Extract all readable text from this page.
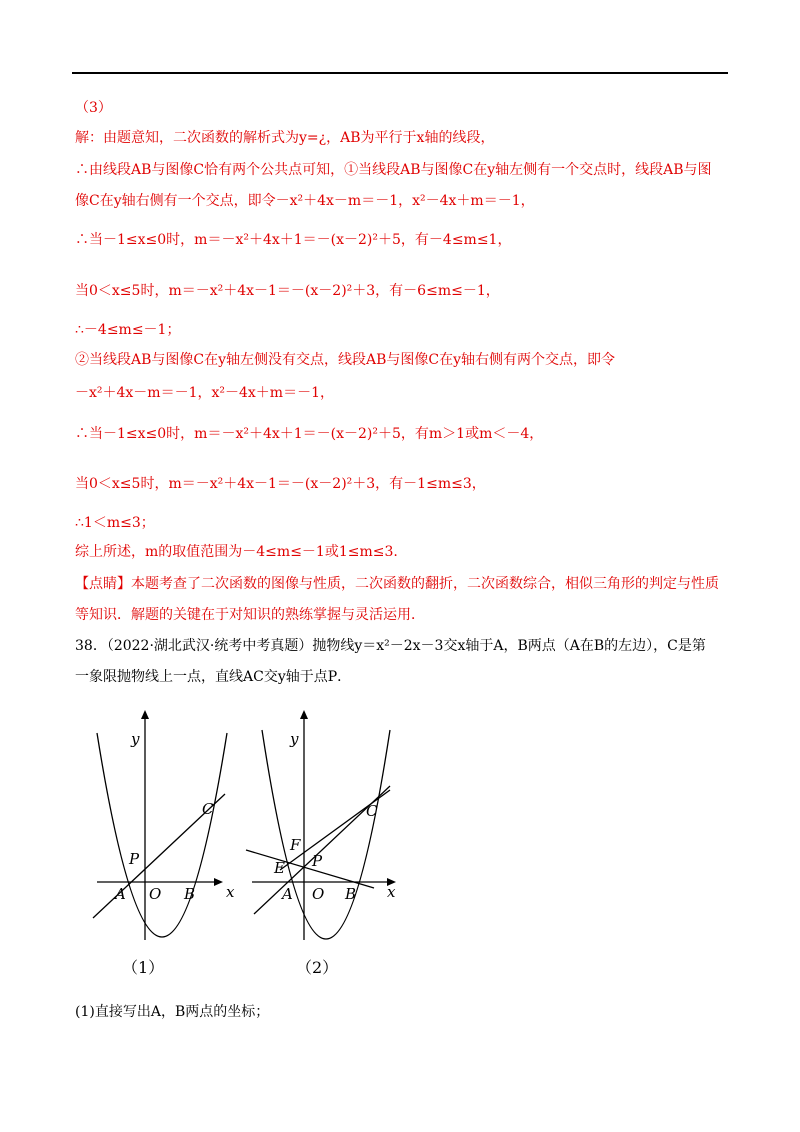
（3）
解：由题意知，二次函数的解析式为y=¿，AB为平行于x轴的线段，
∴由线段AB与图像C恰有两个公共点可知，①当线段AB与图像C在y轴左侧有一个交点时，线段AB与图
像C在y轴右侧有一个交点，即令－x²＋4x－m＝－1，x²－4x＋m＝－1，
∴当－1≤x≤0时，m＝－x²＋4x＋1＝－(x－2)²＋5，有－4≤m≤1，
当0＜x≤5时，m＝－x²＋4x－1＝－(x－2)²＋3，有－6≤m≤－1，
∴－4≤m≤－1；
②当线段AB与图像C在y轴左侧没有交点，线段AB与图像C在y轴右侧有两个交点，即令
－x²＋4x－m＝－1，x²－4x＋m＝－1，
∴当－1≤x≤0时，m＝－x²＋4x＋1＝－(x－2)²＋5，有m＞1或m＜－4，
当0＜x≤5时，m＝－x²＋4x－1＝－(x－2)²＋3，有－1≤m≤3，
∴1＜m≤3；
综上所述，m的取值范围为－4≤m≤－1或1≤m≤3.
【点睛】本题考查了二次函数的图像与性质，二次函数的翻折，二次函数综合，相似三角形的判定与性质
等知识．解题的关键在于对知识的熟练掌握与灵活运用．
38．（2022·湖北武汉·统考中考真题）抛物线y＝x²－2x－3交x轴于A，B两点（A在B的左边），C是第
一象限抛物线上一点，直线AC交y轴于点P．
(1)直接写出A，B两点的坐标；
y
x
C
P
A O B
（1）
y
x
C
F
E P
A O B
（2）
